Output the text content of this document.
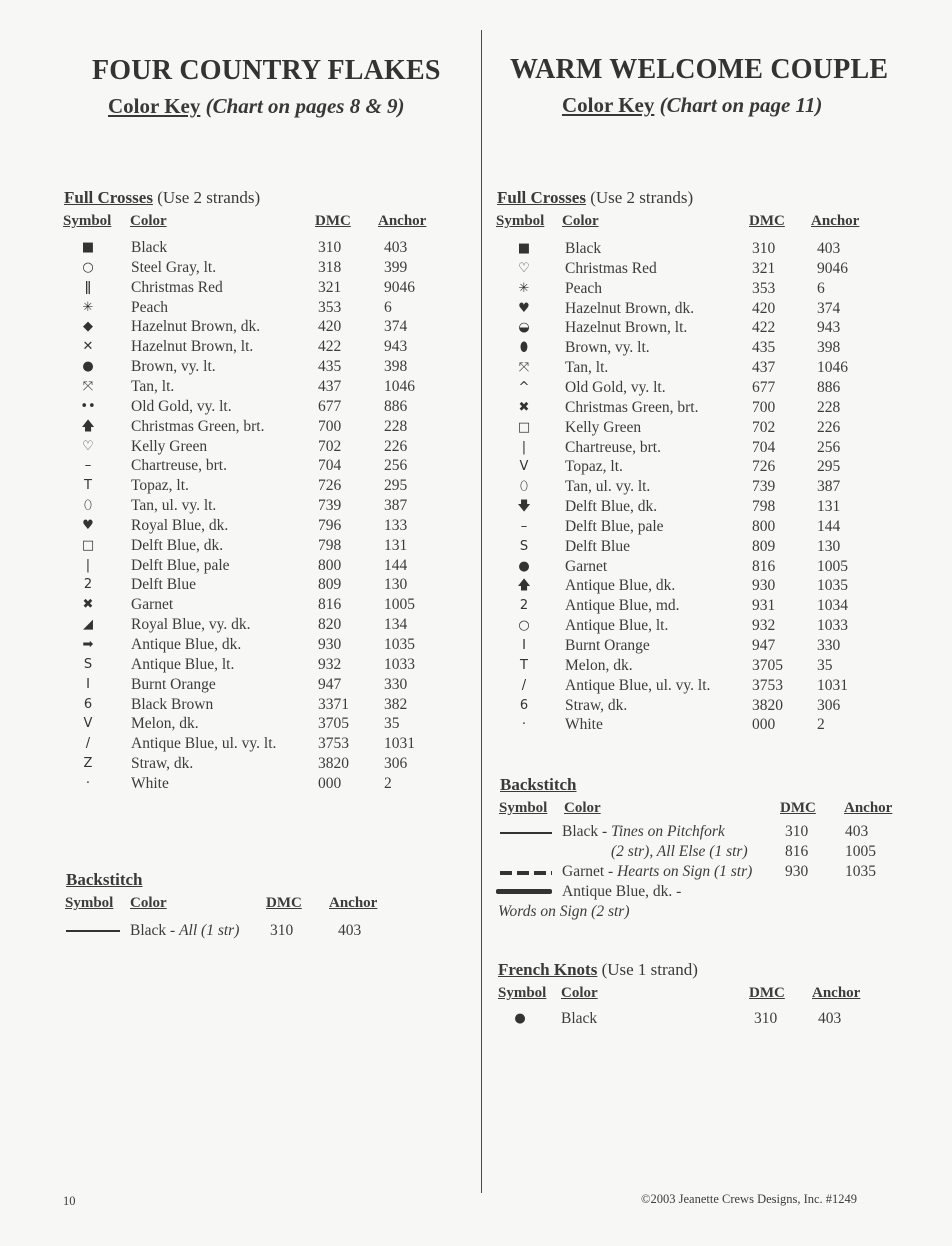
FOUR COUNTRY FLAKES
Color Key (Chart on pages 8 & 9)
Full Crosses (Use 2 strands)
Symbol Color	DMC Anchor
■	Black	310	403
○	Steel Gray, lt.	318	399
ǁ	Christmas Red	321	9046
✳	Peach	353	6
◆	Hazelnut Brown, dk.	420	374
✕	Hazelnut Brown, lt.	422	943
●	Brown, vy. lt.	435	398
⤧	Tan, lt.	437	1046
•• Old Gold, vy. lt.	677	886
🡅	Christmas Green, brt.	700	228
♡	Kelly Green	702	226
–	Chartreuse, brt.	704	256
T	Topaz, lt.	726	295
⬯	Tan, ul. vy. lt.	739	387
♥	Royal Blue, dk.	796	133
□	Delft Blue, dk.	798	131
|	Delft Blue, pale	800	144
2	Delft Blue	809	130
✖	Garnet	816	1005
◢	Royal Blue, vy. dk.	820	134
➡	Antique Blue, dk.	930	1035
S	Antique Blue, lt.	932	1033
I	Burnt Orange	947	330
6	Black Brown	3371 382
V	Melon, dk.	3705 35
/	Antique Blue, ul. vy. lt.	3753 1031
Z	Straw, dk.	3820 306
·	White	000	2
Backstitch
Symbol Color	DMC Anchor
Black - All (1 str) 310	403
WARM WELCOME COUPLE
Color Key (Chart on page 11)
Full Crosses (Use 2 strands)
Symbol Color	DMC Anchor
■	Black	310	403
♡	Christmas Red	321	9046
✳	Peach	353	6
♥	Hazelnut Brown, dk.	420	374
◒	Hazelnut Brown, lt.	422	943
⬮	Brown, vy. lt.	435	398
⤧	Tan, lt.	437	1046
^	Old Gold, vy. lt.	677	886
✖	Christmas Green, brt.	700	228
□	Kelly Green	702	226
|	Chartreuse, brt.	704	256
V	Topaz, lt.	726	295
⬯	Tan, ul. vy. lt.	739	387
🡇	Delft Blue, dk.	798	131
–	Delft Blue, pale	800	144
S	Delft Blue	809	130
●	Garnet	816	1005
🡅	Antique Blue, dk.	930	1035
2	Antique Blue, md.	931	1034
○	Antique Blue, lt.	932	1033
I	Burnt Orange	947	330
T	Melon, dk.	3705 35
/	Antique Blue, ul. vy. lt.	3753 1031
6	Straw, dk.	3820 306
·	White	000	2
Backstitch
Symbol Color	DMC Anchor
Black - Tines on Pitchfork	310 403
(2 str), All Else (1 str) 816 1005
Garnet - Hearts on Sign (1 str) 930 1035
Antique Blue, dk. -
Words on Sign (2 str)
French Knots (Use 1 strand)
Symbol Color	DMC Anchor
●	Black	310	403
10	©2003 Jeanette Crews Designs, Inc. #1249
